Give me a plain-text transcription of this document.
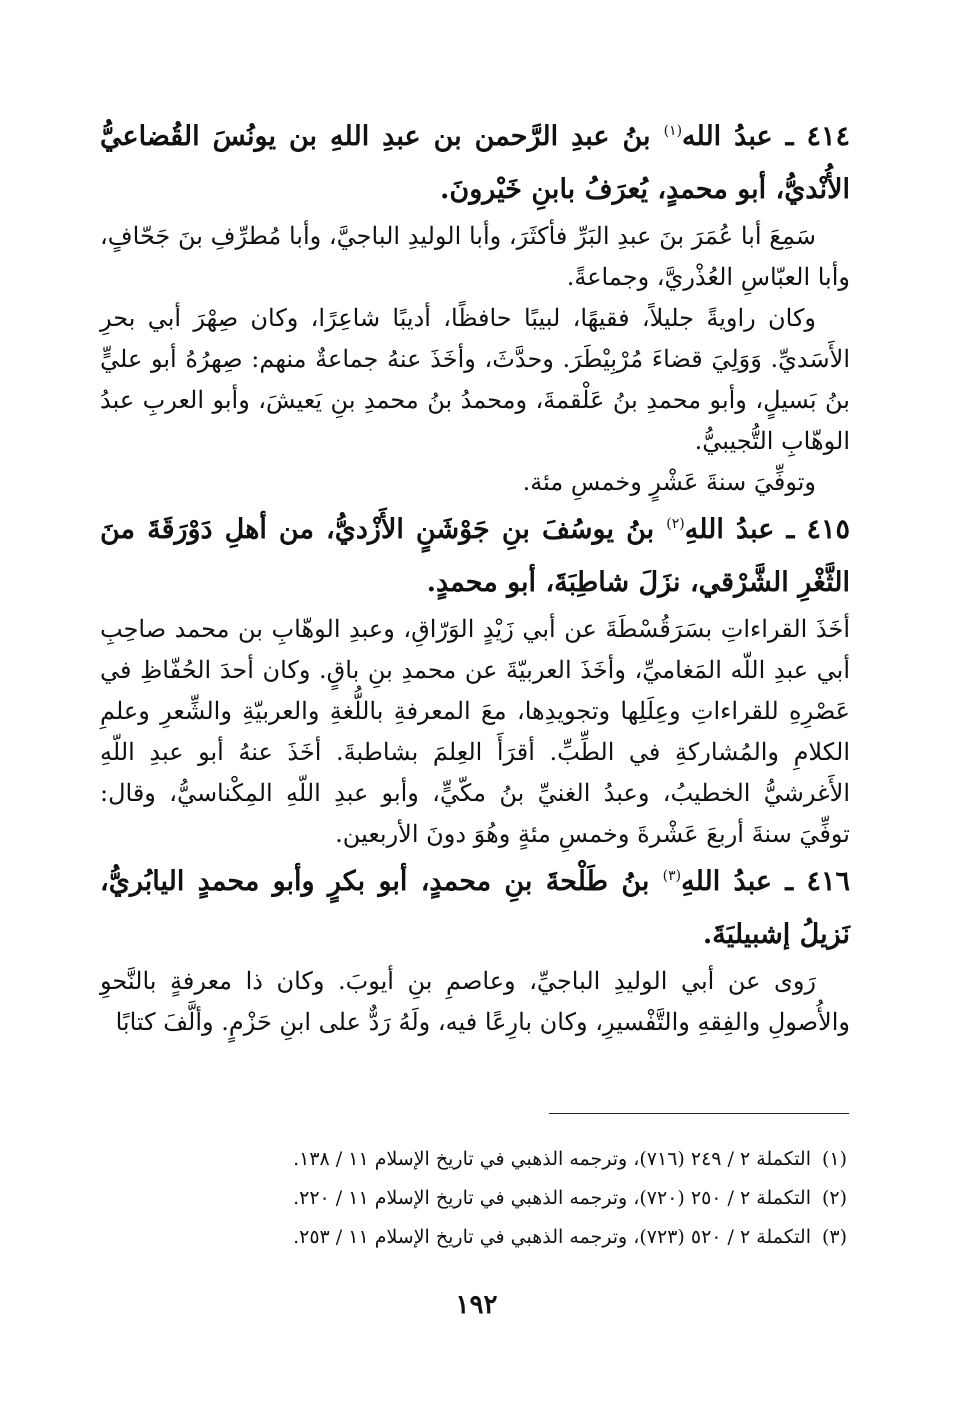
٤١٤ ـ عبدُ الله$^{(١)}$ بنُ عبدِ الرَّحمن بن عبدِ اللهِ بن يونُسَ القُضاعيُّ الأُنْديُّ، أبو محمدٍ، يُعرَفُ بابنِ خَيْرونَ.

سَمِعَ أبا عُمَرَ بنَ عبدِ البَرِّ فأكثَرَ، وأبا الوليدِ الباجيَّ، وأبا مُطرِّفِ بنَ جَحّافٍ، وأبا العبّاسِ العُذْريَّ، وجماعةً.

وكان راويةً جليلاً، فقيهًا، لبيبًا حافظًا، أديبًا شاعِرًا، وكان صِهْرَ أبي بحرِ الأَسَديِّ. وَوَلِيَ قضاءَ مُرْبِيْطَرَ. وحدَّثَ، وأخَذَ عنهُ جماعةٌ منهم: صِهرُهُ أبو عليٍّ بنُ بَسيلٍ، وأبو محمدِ بنُ عَلْقمةَ، ومحمدُ بنُ محمدِ بنِ يَعيشَ، وأبو العربِ عبدُ الوهّابِ التُّجيبيُّ.

وتوفِّيَ سنةَ عَشْرٍ وخمسِ مئة.

٤١٥ ـ عبدُ اللهِ$^{(٢)}$ بنُ يوسُفَ بنِ جَوْشَنٍ الأَزْديُّ، من أهلِ دَوْرَقَةَ منَ الثَّغْرِ الشَّرْقي، نزَلَ شاطِبَةَ، أبو محمدٍ.

أخَذَ القراءاتِ بسَرَقُسْطَةَ عن أبي زَيْدٍ الوَرّاقِ، وعبدِ الوهّابِ بن محمد صاحِبِ أبي عبدِ اللّه المَغاميِّ، وأخَذَ العربيّةَ عن محمدِ بنِ باقٍ. وكان أحدَ الحُفّاظِ في عَصْرِهِ للقراءاتِ وعِلَلِها وتجويدِها، معَ المعرفةِ باللُّغةِ والعربيّةِ والشِّعرِ وعلمِ الكلامِ والمُشاركةِ في الطِّبِّ. أقرَأَ العِلمَ بشاطبةَ. أخَذَ عنهُ أبو عبدِ اللّهِ الأَغرشيُّ الخطيبُ، وعبدُ الغنيِّ بنُ مكّيٍّ، وأبو عبدِ اللّهِ المِكْناسيُّ، وقال: توفِّيَ سنةَ أربعَ عَشْرةَ وخمسِ مئةٍ وهُوَ دونَ الأربعين.

٤١٦ ـ عبدُ اللهِ$^{(٣)}$ بنُ طَلْحةَ بنِ محمدٍ، أبو بكرٍ وأبو محمدٍ اليابُريُّ، نَزيلُ إشبيليَةَ.

رَوى عن أبي الوليدِ الباجيِّ، وعاصمِ بنِ أيوبَ. وكان ذا معرفةٍ بالنَّحوِ والأُصولِ والفِقهِ والتَّفْسيرِ، وكان بارِعًا فيه، ولَهُ رَدٌّ على ابنِ حَزْمٍ. وألَّفَ كتابًا

(١)التكملة ٢ / ٢٤٩ (٧١٦)، وترجمه الذهبي في تاريخ الإسلام ١١ / ١٣٨.

(٢)التكملة ٢ / ٢٥٠ (٧٢٠)، وترجمه الذهبي في تاريخ الإسلام ١١ / ٢٢٠.

(٣)التكملة ٢ / ٥٢٠ (٧٢٣)، وترجمه الذهبي في تاريخ الإسلام ١١ / ٢٥٣.

١٩٢
